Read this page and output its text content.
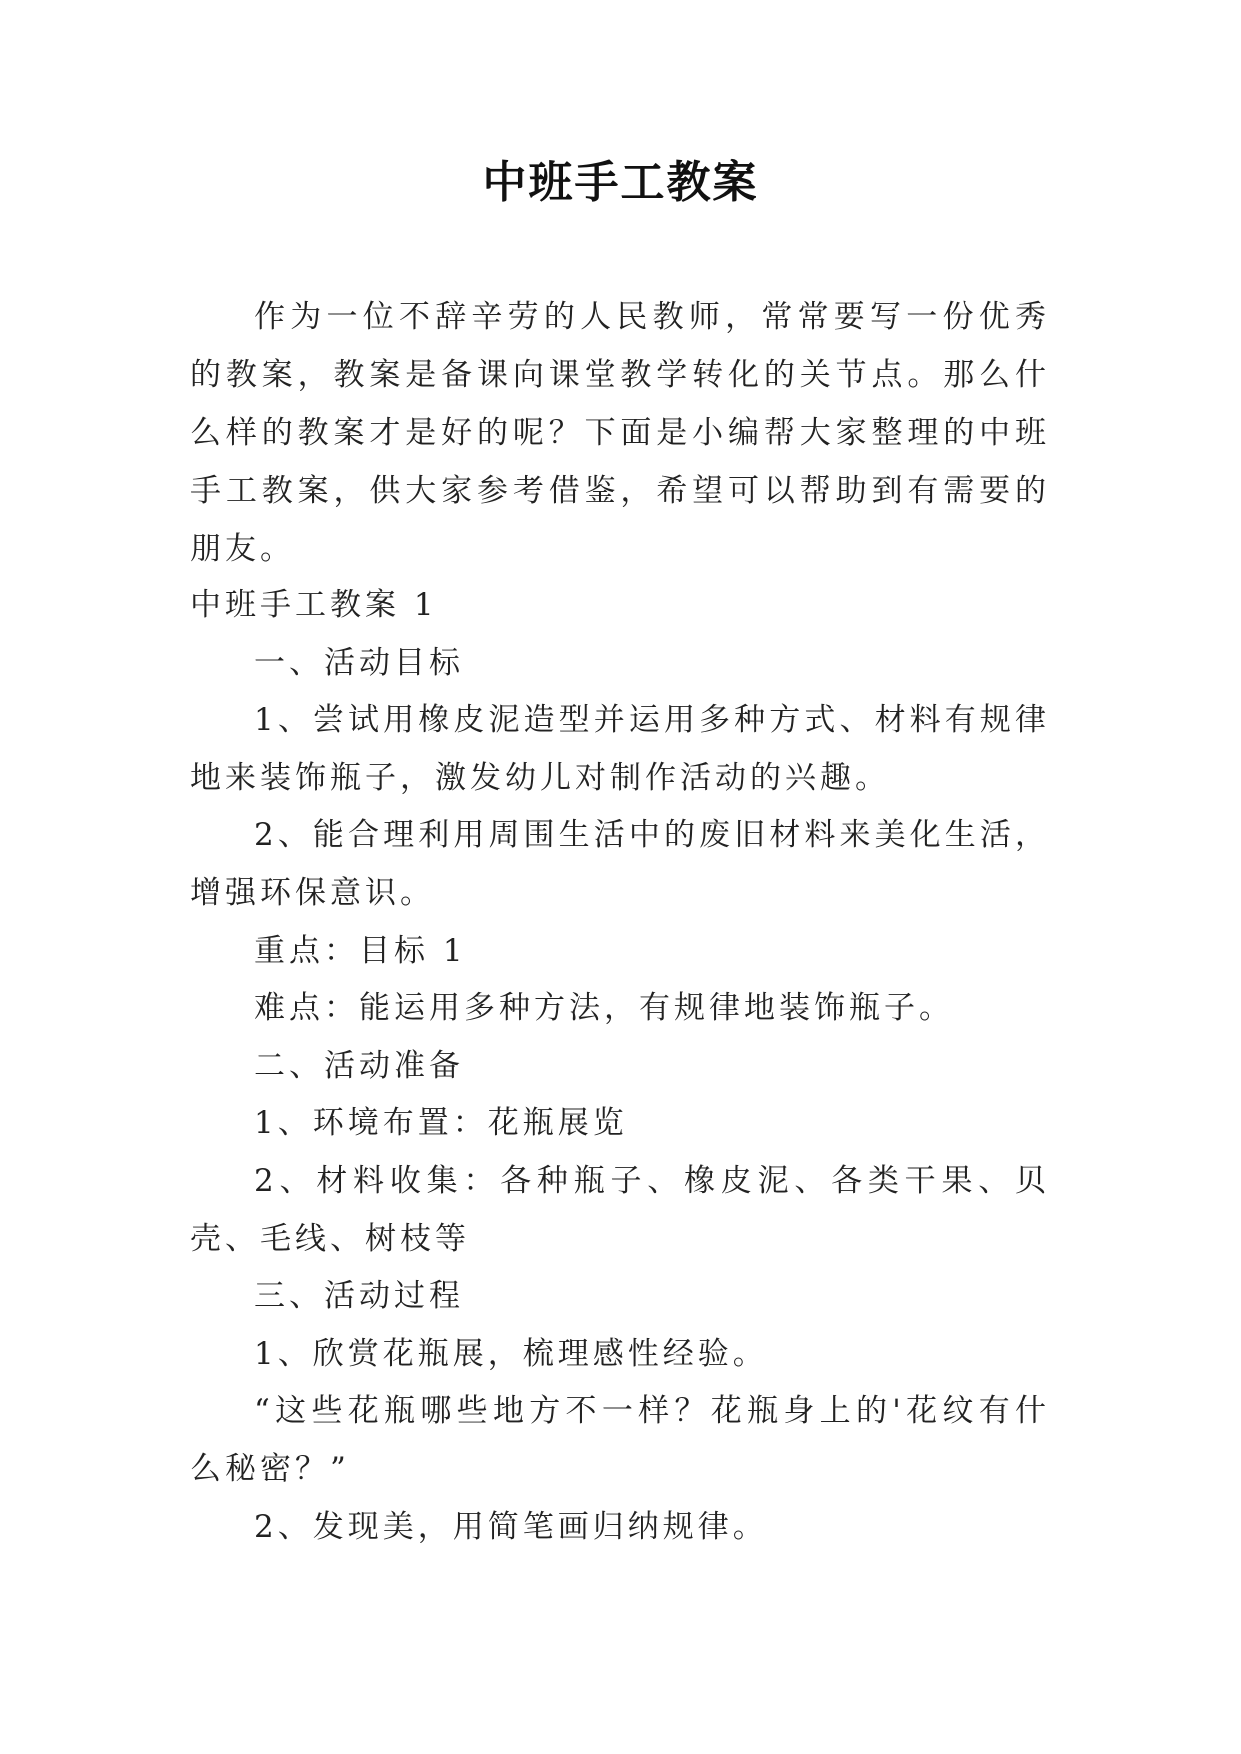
中班手工教案

作为一位不辞辛劳的人民教师，常常要写一份优秀的教案，教案是备课向课堂教学转化的关节点。那么什么样的教案才是好的呢？下面是小编帮大家整理的中班手工教案，供大家参考借鉴，希望可以帮助到有需要的朋友。

中班手工教案 1

一、活动目标

1、尝试用橡皮泥造型并运用多种方式、材料有规律地来装饰瓶子，激发幼儿对制作活动的兴趣。

2、能合理利用周围生活中的废旧材料来美化生活，增强环保意识。

重点：目标 1

难点：能运用多种方法，有规律地装饰瓶子。

二、活动准备

1、环境布置：花瓶展览

2、材料收集：各种瓶子、橡皮泥、各类干果、贝壳、毛线、树枝等

三、活动过程

1、欣赏花瓶展，梳理感性经验。

“这些花瓶哪些地方不一样？花瓶身上的'花纹有什么秘密？”

2、发现美，用简笔画归纳规律。
